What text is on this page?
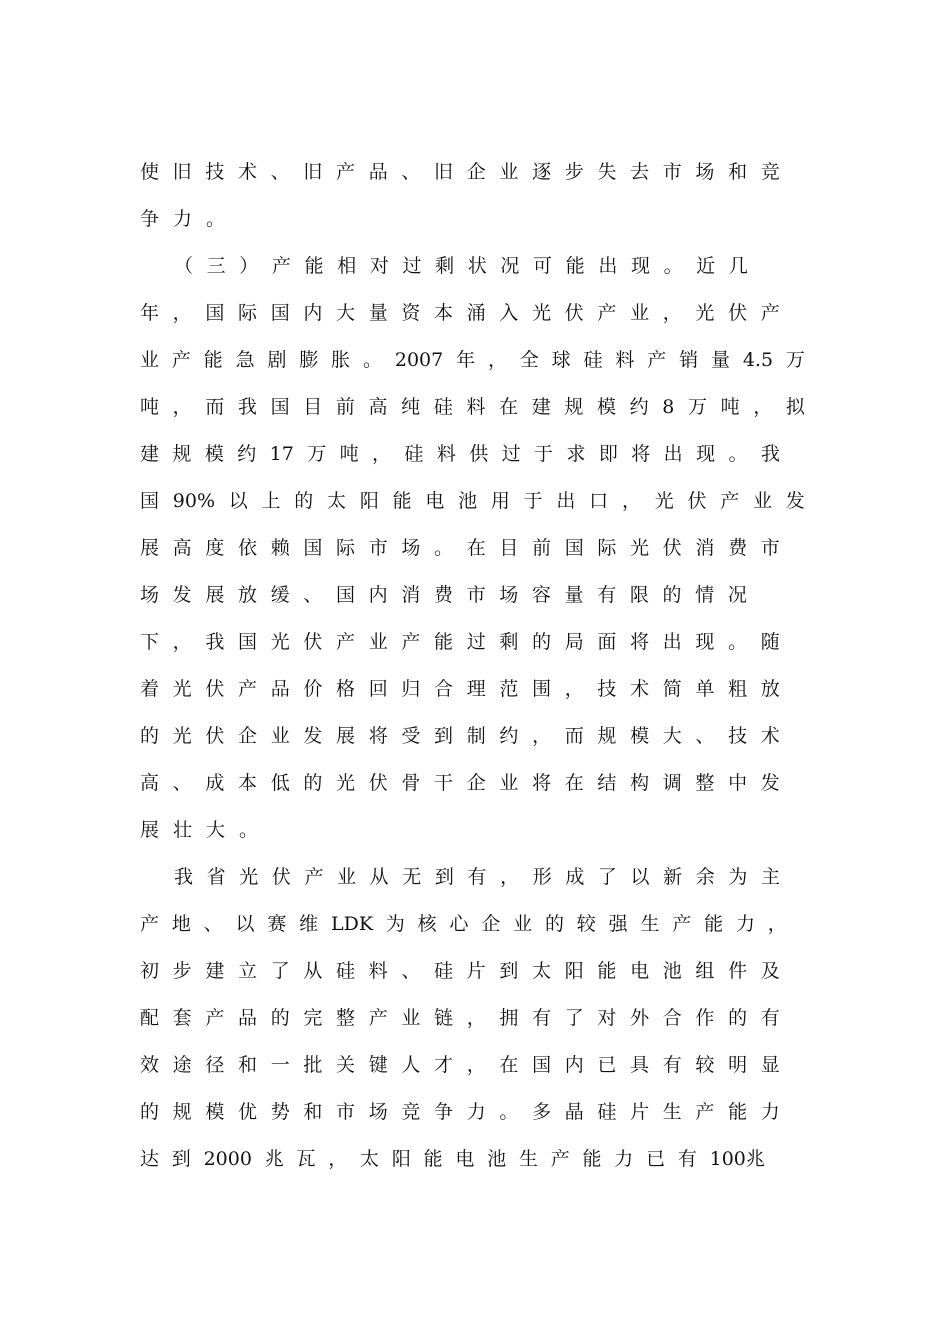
使 旧 技 术 、 旧 产 品 、 旧 企 业 逐 步 失 去 市 场 和 竞
争 力 。
（ 三 ） 产 能 相 对 过 剩 状 况 可 能 出 现 。 近 几
年 ， 国 际 国 内 大 量 资 本 涌 入 光 伏 产 业 ， 光 伏 产
业 产 能 急 剧 膨 胀 。 2007 年 ， 全 球 硅 料 产 销 量 4.5 万
吨 ， 而 我 国 目 前 高 纯 硅 料 在 建 规 模 约 8 万 吨 ， 拟
建 规 模 约 17 万 吨 ， 硅 料 供 过 于 求 即 将 出 现 。 我
国 90% 以 上 的 太 阳 能 电 池 用 于 出 口 ， 光 伏 产 业 发
展 高 度 依 赖 国 际 市 场 。 在 目 前 国 际 光 伏 消 费 市
场 发 展 放 缓 、 国 内 消 费 市 场 容 量 有 限 的 情 况
下 ， 我 国 光 伏 产 业 产 能 过 剩 的 局 面 将 出 现 。 随
着 光 伏 产 品 价 格 回 归 合 理 范 围 ， 技 术 简 单 粗 放
的 光 伏 企 业 发 展 将 受 到 制 约 ， 而 规 模 大 、 技 术
高 、 成 本 低 的 光 伏 骨 干 企 业 将 在 结 构 调 整 中 发
展 壮 大 。
我 省 光 伏 产 业 从 无 到 有 ， 形 成 了 以 新 余 为 主
产 地 、 以 赛 维 LDK 为 核 心 企 业 的 较 强 生 产 能 力 ，
初 步 建 立 了 从 硅 料 、 硅 片 到 太 阳 能 电 池 组 件 及
配 套 产 品 的 完 整 产 业 链 ， 拥 有 了 对 外 合 作 的 有
效 途 径 和 一 批 关 键 人 才 ， 在 国 内 已 具 有 较 明 显
的 规 模 优 势 和 市 场 竞 争 力 。 多 晶 硅 片 生 产 能 力
达 到 2000 兆 瓦 ， 太 阳 能 电 池 生 产 能 力 已 有 100兆
